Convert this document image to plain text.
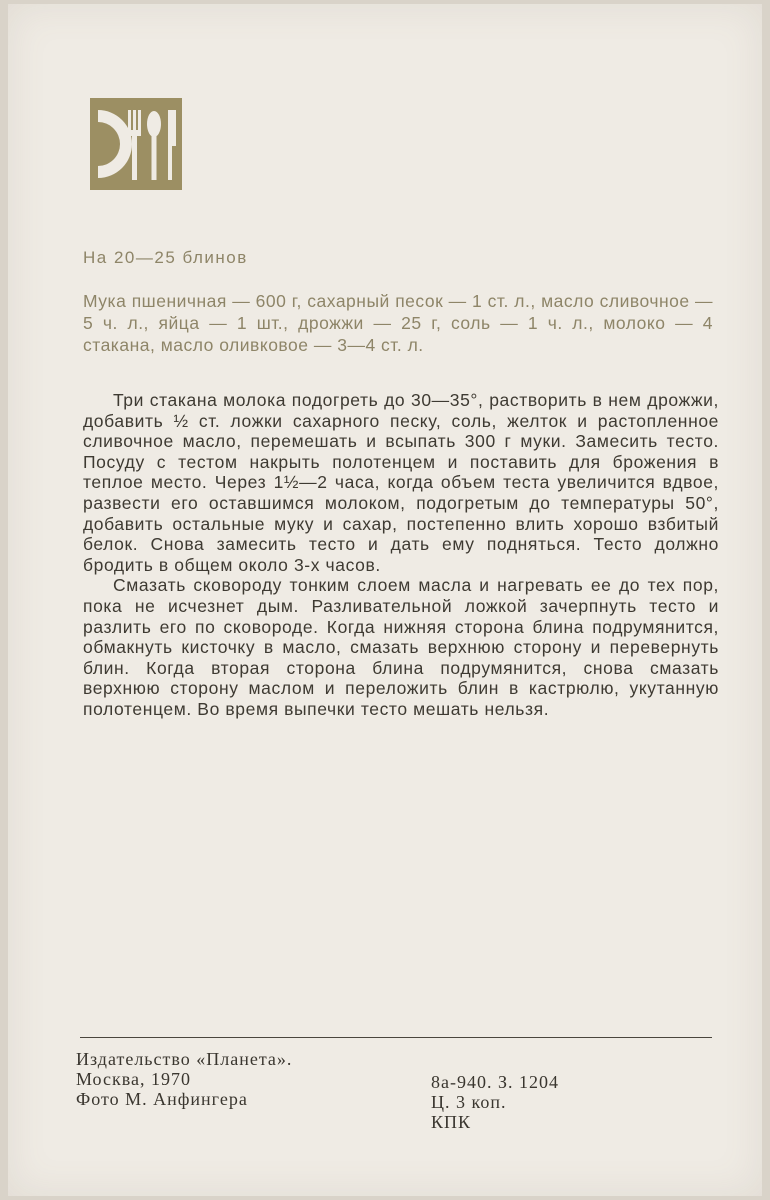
На 20—25 блинов
Мука пшеничная — 600 г, сахарный песок — 1 ст. л., масло сливочное — 5 ч. л., яйца — 1 шт., дрожжи — 25 г, соль — 1 ч. л., молоко — 4 стакана, масло оливковое — 3—4 ст. л.

Три стакана молока подогреть до 30—35°, растворить в нем дрожжи, добавить ½ ст. ложки сахарного песку, соль, желток и растопленное сливочное масло, перемешать и всыпать 300 г муки. Замесить тесто. Посуду с тестом накрыть полотенцем и поставить для брожения в теплое место. Через 1½—2 часа, когда объем теста увеличится вдвое, развести его оставшимся молоком, подогретым до температуры 50°, добавить остальные муку и сахар, постепенно влить хорошо взбитый белок. Снова замесить тесто и дать ему подняться. Тесто должно бродить в общем около 3-х часов.

Смазать сковороду тонким слоем масла и нагревать ее до тех пор, пока не исчезнет дым. Разливательной ложкой зачерпнуть тесто и разлить его по сковороде. Когда нижняя сторона блина подрумянится, обмакнуть кисточку в масло, смазать верхнюю сторону и перевернуть блин. Когда вторая сторона блина подрумянится, снова смазать верхнюю сторону маслом и переложить блин в кастрюлю, укутанную полотенцем. Во время выпечки тесто мешать нельзя.

Издательство «Планета».
Москва, 1970
Фото М. Анфингера
8а-940. З. 1204
Ц. 3 коп.
КПК
